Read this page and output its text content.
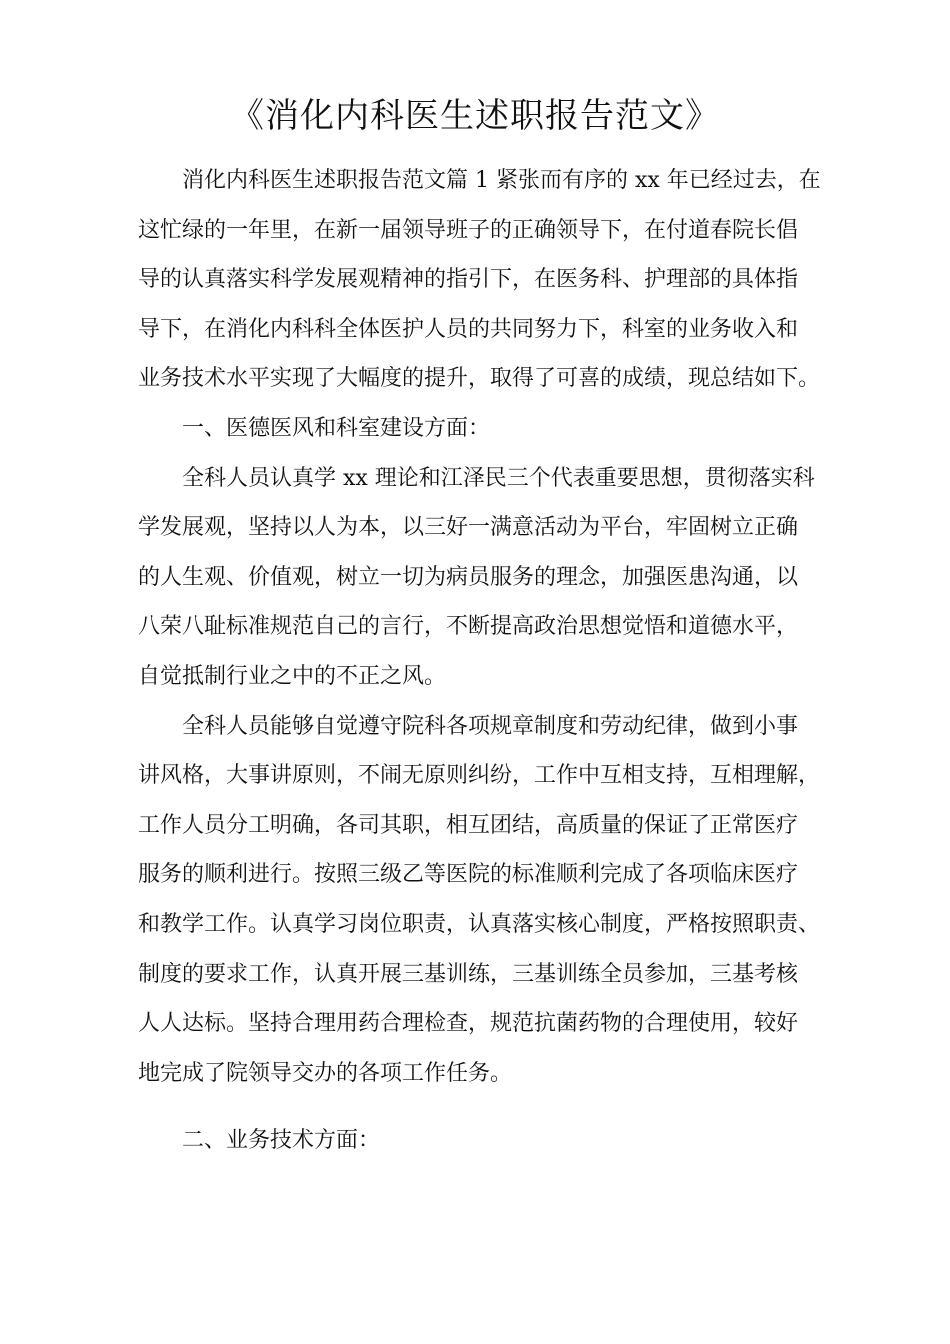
《消化内科医生述职报告范文》

消化内科医生述职报告范文篇 1 紧张而有序的 xx 年已经过去，在
这忙绿的一年里，在新一届领导班子的正确领导下，在付道春院长倡
导的认真落实科学发展观精神的指引下，在医务科、护理部的具体指
导下，在消化内科科全体医护人员的共同努力下，科室的业务收入和
业务技术水平实现了大幅度的提升，取得了可喜的成绩，现总结如下。

一、医德医风和科室建设方面：

全科人员认真学 xx 理论和江泽民三个代表重要思想，贯彻落实科
学发展观，坚持以人为本，以三好一满意活动为平台，牢固树立正确
的人生观、价值观，树立一切为病员服务的理念，加强医患沟通，以
八荣八耻标准规范自己的言行，不断提高政治思想觉悟和道德水平，
自觉抵制行业之中的不正之风。

全科人员能够自觉遵守院科各项规章制度和劳动纪律，做到小事
讲风格，大事讲原则，不闹无原则纠纷，工作中互相支持，互相理解，
工作人员分工明确，各司其职，相互团结，高质量的保证了正常医疗
服务的顺利进行。按照三级乙等医院的标准顺利完成了各项临床医疗
和教学工作。认真学习岗位职责，认真落实核心制度，严格按照职责、
制度的要求工作，认真开展三基训练，三基训练全员参加，三基考核
人人达标。坚持合理用药合理检查，规范抗菌药物的合理使用，较好
地完成了院领导交办的各项工作任务。

二、业务技术方面：
